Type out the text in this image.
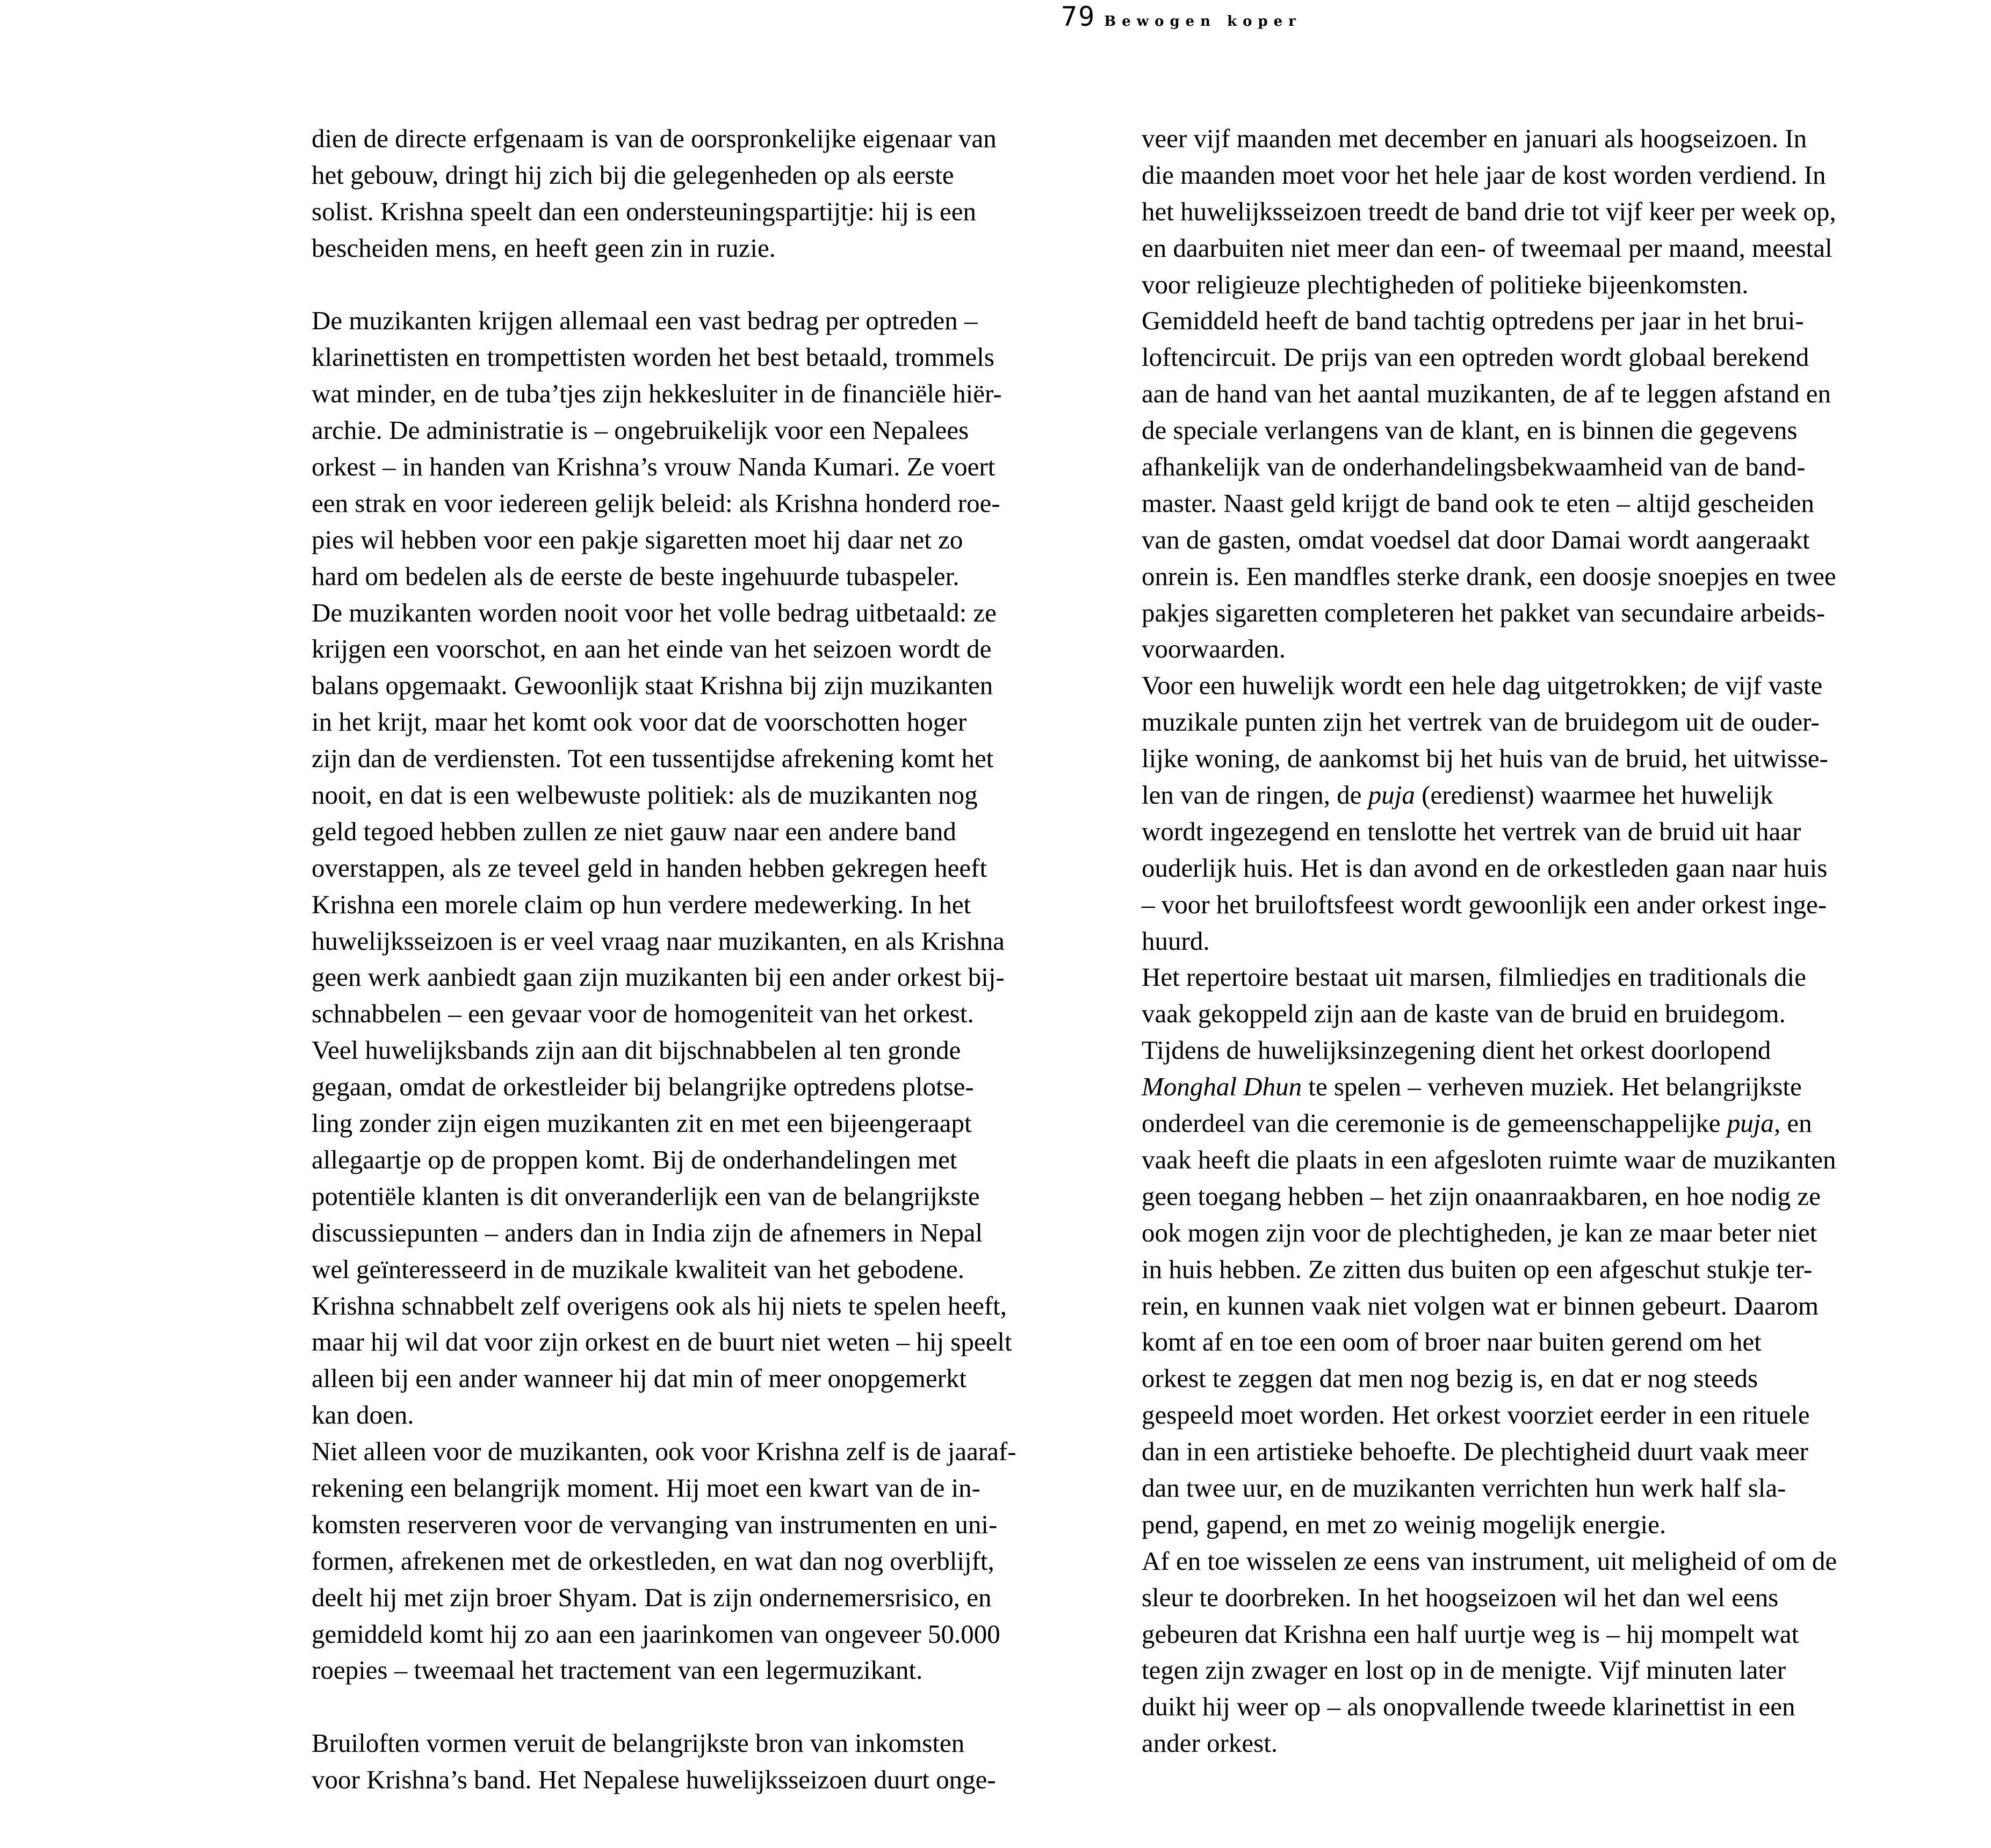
79 Bewogen koper
dien de directe erfgenaam is van de oorspronkelijke eigenaar van
het gebouw, dringt hij zich bij die gelegenheden op als eerste
solist. Krishna speelt dan een ondersteuningspartijtje: hij is een
bescheiden mens, en heeft geen zin in ruzie.
De muzikanten krijgen allemaal een vast bedrag per optreden –
klarinettisten en trompettisten worden het best betaald, trommels
wat minder, en de tuba’tjes zijn hekkesluiter in de financiële hiër-
archie. De administratie is – ongebruikelijk voor een Nepalees
orkest – in handen van Krishna’s vrouw Nanda Kumari. Ze voert
een strak en voor iedereen gelijk beleid: als Krishna honderd roe-
pies wil hebben voor een pakje sigaretten moet hij daar net zo
hard om bedelen als de eerste de beste ingehuurde tubaspeler.
De muzikanten worden nooit voor het volle bedrag uitbetaald: ze
krijgen een voorschot, en aan het einde van het seizoen wordt de
balans opgemaakt. Gewoonlijk staat Krishna bij zijn muzikanten
in het krijt, maar het komt ook voor dat de voorschotten hoger
zijn dan de verdiensten. Tot een tussentijdse afrekening komt het
nooit, en dat is een welbewuste politiek: als de muzikanten nog
geld tegoed hebben zullen ze niet gauw naar een andere band
overstappen, als ze teveel geld in handen hebben gekregen heeft
Krishna een morele claim op hun verdere medewerking. In het
huwelijksseizoen is er veel vraag naar muzikanten, en als Krishna
geen werk aanbiedt gaan zijn muzikanten bij een ander orkest bij-
schnabbelen – een gevaar voor de homogeniteit van het orkest.
Veel huwelijksbands zijn aan dit bijschnabbelen al ten gronde
gegaan, omdat de orkestleider bij belangrijke optredens plotse-
ling zonder zijn eigen muzikanten zit en met een bijeengeraapt
allegaartje op de proppen komt. Bij de onderhandelingen met
potentiële klanten is dit onveranderlijk een van de belangrijkste
discussiepunten – anders dan in India zijn de afnemers in Nepal
wel geïnteresseerd in de muzikale kwaliteit van het gebodene.
Krishna schnabbelt zelf overigens ook als hij niets te spelen heeft,
maar hij wil dat voor zijn orkest en de buurt niet weten – hij speelt
alleen bij een ander wanneer hij dat min of meer onopgemerkt
kan doen.
Niet alleen voor de muzikanten, ook voor Krishna zelf is de jaaraf-
rekening een belangrijk moment. Hij moet een kwart van de in-
komsten reserveren voor de vervanging van instrumenten en uni-
formen, afrekenen met de orkestleden, en wat dan nog overblijft,
deelt hij met zijn broer Shyam. Dat is zijn ondernemersrisico, en
gemiddeld komt hij zo aan een jaarinkomen van ongeveer 50.000
roepies – tweemaal het tractement van een legermuzikant.
Bruiloften vormen veruit de belangrijkste bron van inkomsten
voor Krishna’s band. Het Nepalese huwelijksseizoen duurt onge-
veer vijf maanden met december en januari als hoogseizoen. In
die maanden moet voor het hele jaar de kost worden verdiend. In
het huwelijksseizoen treedt de band drie tot vijf keer per week op,
en daarbuiten niet meer dan een- of tweemaal per maand, meestal
voor religieuze plechtigheden of politieke bijeenkomsten.
Gemiddeld heeft de band tachtig optredens per jaar in het brui-
loftencircuit. De prijs van een optreden wordt globaal berekend
aan de hand van het aantal muzikanten, de af te leggen afstand en
de speciale verlangens van de klant, en is binnen die gegevens
afhankelijk van de onderhandelingsbekwaamheid van de band-
master. Naast geld krijgt de band ook te eten – altijd gescheiden
van de gasten, omdat voedsel dat door Damai wordt aangeraakt
onrein is. Een mandfles sterke drank, een doosje snoepjes en twee
pakjes sigaretten completeren het pakket van secundaire arbeids-
voorwaarden.
Voor een huwelijk wordt een hele dag uitgetrokken; de vijf vaste
muzikale punten zijn het vertrek van de bruidegom uit de ouder-
lijke woning, de aankomst bij het huis van de bruid, het uitwisse-
len van de ringen, de puja (eredienst) waarmee het huwelijk
wordt ingezegend en tenslotte het vertrek van de bruid uit haar
ouderlijk huis. Het is dan avond en de orkestleden gaan naar huis
– voor het bruiloftsfeest wordt gewoonlijk een ander orkest inge-
huurd.
Het repertoire bestaat uit marsen, filmliedjes en traditionals die
vaak gekoppeld zijn aan de kaste van de bruid en bruidegom.
Tijdens de huwelijksinzegening dient het orkest doorlopend
Monghal Dhun te spelen – verheven muziek. Het belangrijkste
onderdeel van die ceremonie is de gemeenschappelijke puja, en
vaak heeft die plaats in een afgesloten ruimte waar de muzikanten
geen toegang hebben – het zijn onaanraakbaren, en hoe nodig ze
ook mogen zijn voor de plechtigheden, je kan ze maar beter niet
in huis hebben. Ze zitten dus buiten op een afgeschut stukje ter-
rein, en kunnen vaak niet volgen wat er binnen gebeurt. Daarom
komt af en toe een oom of broer naar buiten gerend om het
orkest te zeggen dat men nog bezig is, en dat er nog steeds
gespeeld moet worden. Het orkest voorziet eerder in een rituele
dan in een artistieke behoefte. De plechtigheid duurt vaak meer
dan twee uur, en de muzikanten verrichten hun werk half sla-
pend, gapend, en met zo weinig mogelijk energie.
Af en toe wisselen ze eens van instrument, uit meligheid of om de
sleur te doorbreken. In het hoogseizoen wil het dan wel eens
gebeuren dat Krishna een half uurtje weg is – hij mompelt wat
tegen zijn zwager en lost op in de menigte. Vijf minuten later
duikt hij weer op – als onopvallende tweede klarinettist in een
ander orkest.
